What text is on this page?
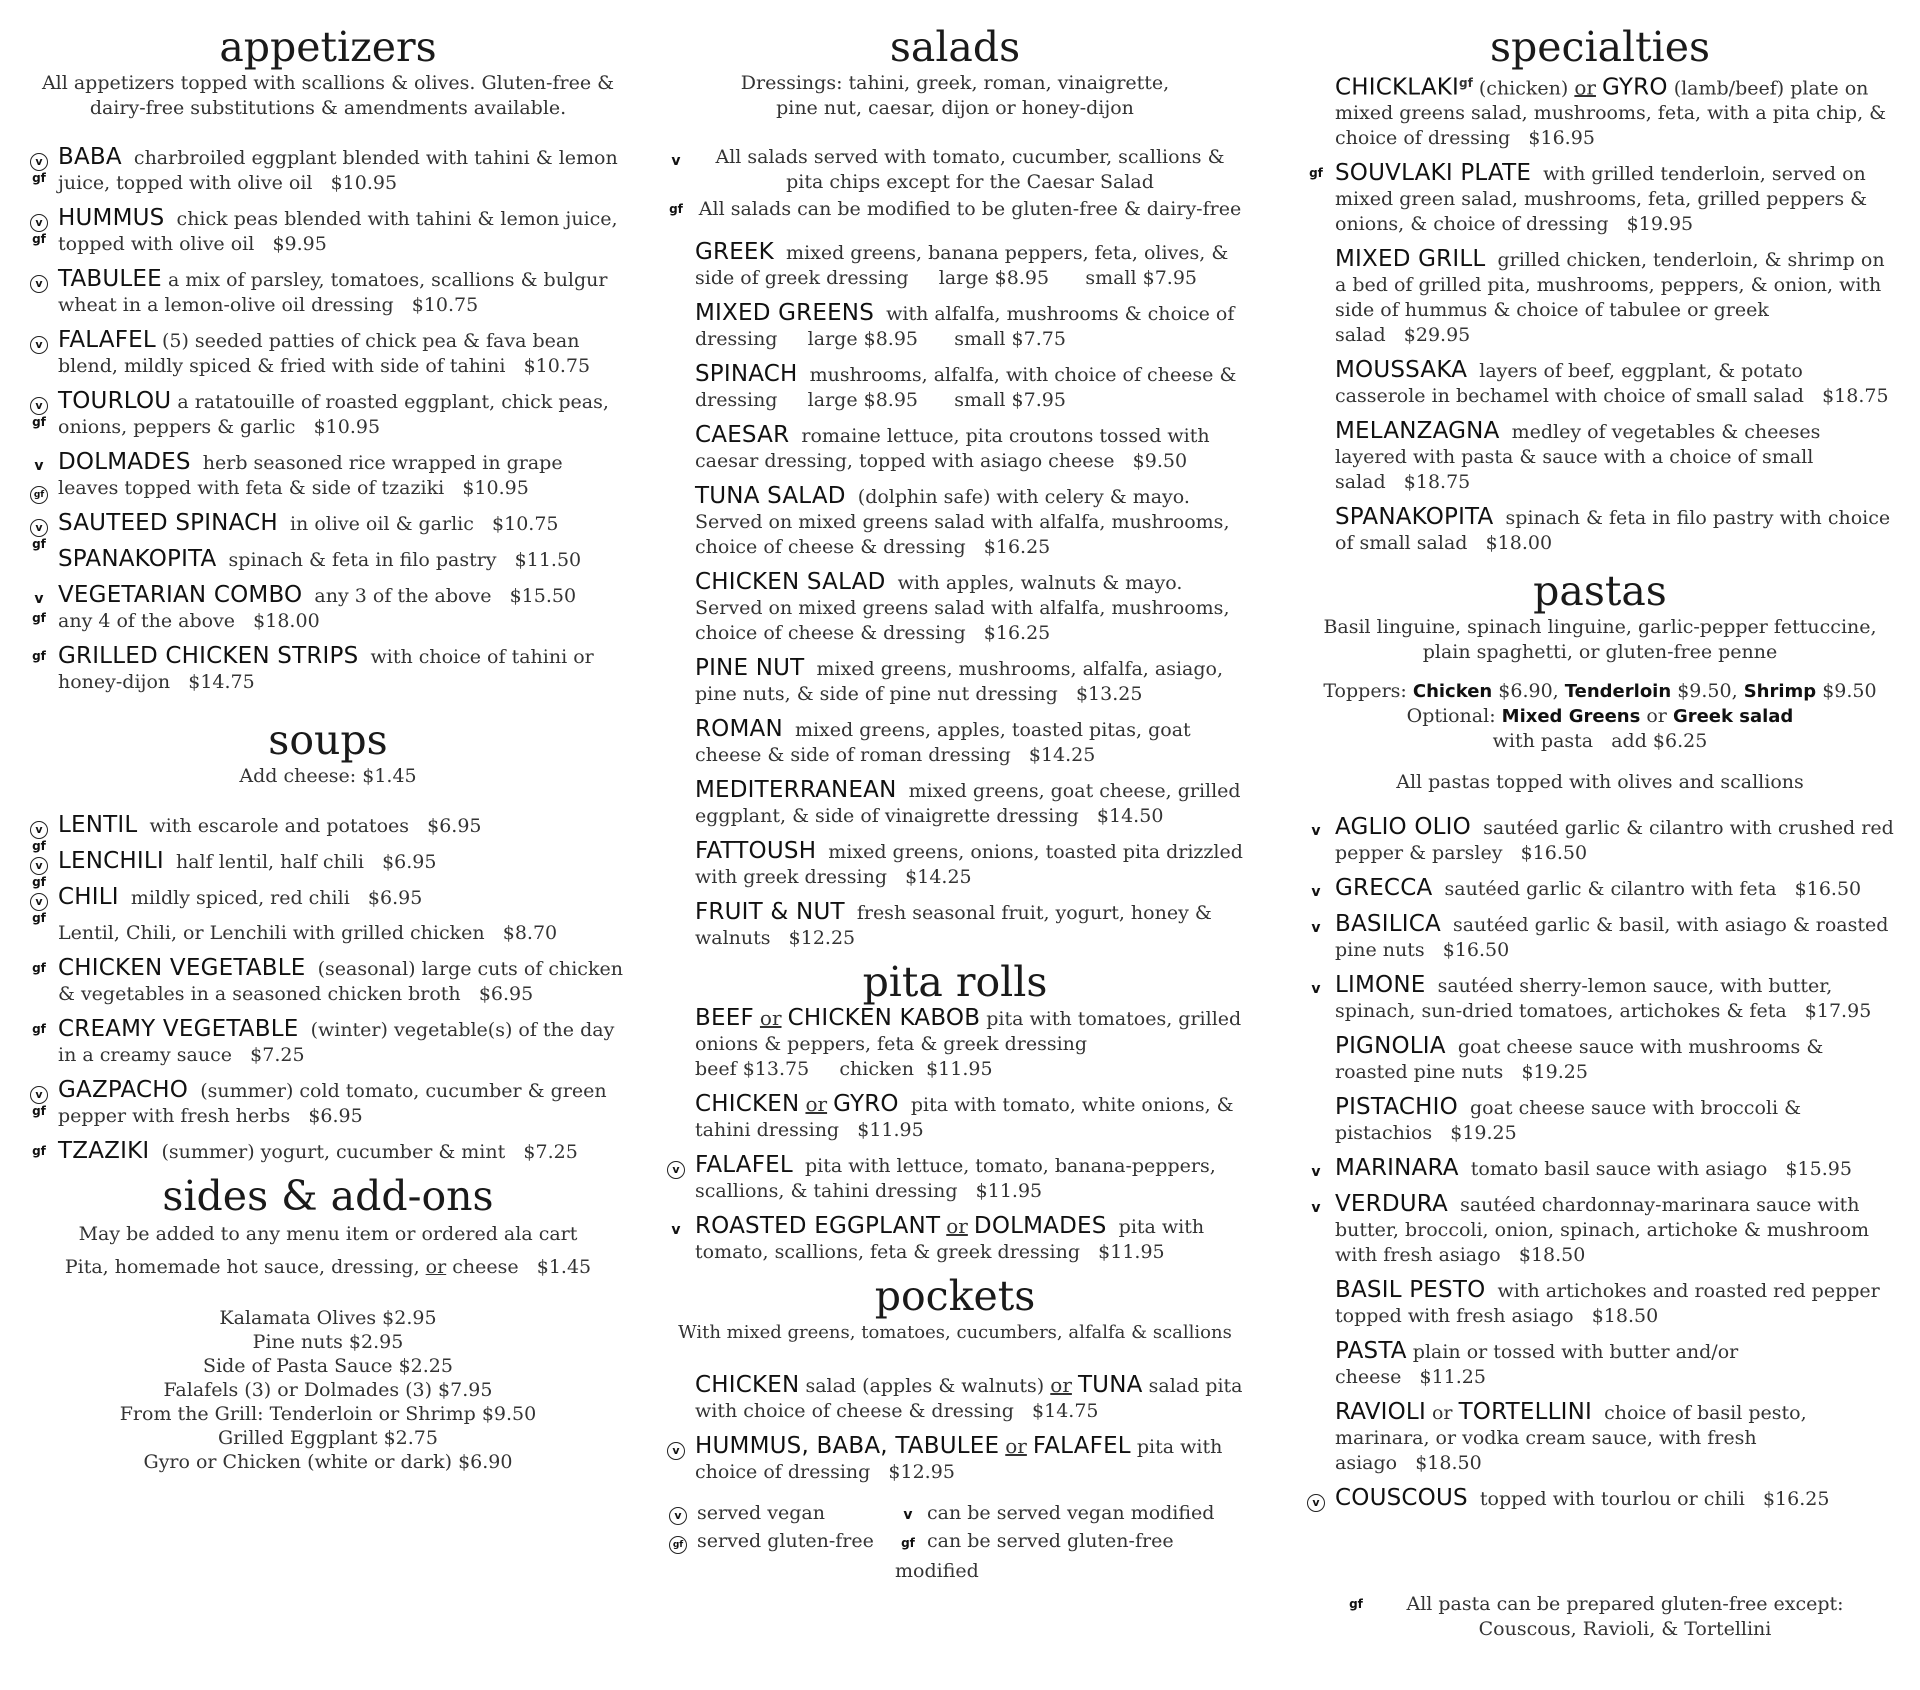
appetizers

All appetizers topped with scallions & olives. Gluten-free &

dairy-free substitutions & amendments available.

v
gf
BABA charbroiled eggplant blended with tahini & lemon juice, topped with olive oil $10.95
v
gf
HUMMUS chick peas blended with tahini & lemon juice, topped with olive oil $9.95
v TABULEE a mix of parsley, tomatoes, scallions & bulgur wheat in a lemon-olive oil dressing $10.75
v FALAFEL (5) seeded patties of chick pea & fava bean blend, mildly spiced & fried with side of tahini $10.75
v
gf
TOURLOU a ratatouille of roasted eggplant, chick peas, onions, peppers & garlic $10.95
v
gf
DOLMADES herb seasoned rice wrapped in grape leaves topped with feta & side of tzaziki $10.95
v
gf
SAUTEED SPINACH in olive oil & garlic $10.75
SPANAKOPITA spinach & feta in filo pastry $11.50
v
gf
VEGETARIAN COMBO any 3 of the above $15.50
any 4 of the above $18.00
gf GRILLED CHICKEN STRIPS with choice of tahini or honey-dijon $14.75
soups

Add cheese: $1.45

v
gf
LENTIL with escarole and potatoes $6.95
v
gf
LENCHILI half lentil, half chili $6.95
v
gf
CHILI mildly spiced, red chili $6.95

Lentil, Chili, or Lenchili with grilled chicken $8.70

gf CHICKEN VEGETABLE (seasonal) large cuts of chicken & vegetables in a seasoned chicken broth $6.95
gf CREAMY VEGETABLE (winter) vegetable(s) of the day in a creamy sauce $7.25
v
gf
GAZPACHO (summer) cold tomato, cucumber & green pepper with fresh herbs $6.95
gf TZAZIKI (summer) yogurt, cucumber & mint $7.25
sides & add-ons

May be added to any menu item or ordered ala cart

Pita, homemade hot sauce, dressing, or cheese $1.45

Kalamata Olives $2.95

Pine nuts $2.95

Side of Pasta Sauce $2.25

Falafels (3) or Dolmades (3) $7.95

From the Grill: Tenderloin or Shrimp $9.50

Grilled Eggplant $2.75

Gyro or Chicken (white or dark) $6.90

salads

Dressings: tahini, greek, roman, vinaigrette,

pine nut, caesar, dijon or honey-dijon

v	All salads served with tomato, cucumber, scallions & pita chips except for the Caesar Salad
gf All salads can be modified to be gluten-free & dairy-free
GREEK mixed greens, banana peppers, feta, olives, & side of greek dressing large $8.95      small $7.95
MIXED GREENS with alfalfa, mushrooms & choice of dressing large $8.95      small $7.75
SPINACH mushrooms, alfalfa, with choice of cheese & dressing large $8.95      small $7.95
CAESAR romaine lettuce, pita croutons tossed with caesar dressing, topped with asiago cheese $9.50
TUNA SALAD (dolphin safe) with celery & mayo. Served on mixed greens salad with alfalfa, mushrooms, choice of cheese & dressing $16.25
CHICKEN SALAD with apples, walnuts & mayo. Served on mixed greens salad with alfalfa, mushrooms, choice of cheese & dressing $16.25
PINE NUT mixed greens, mushrooms, alfalfa, asiago, pine nuts, & side of pine nut dressing $13.25
ROMAN mixed greens, apples, toasted pitas, goat cheese & side of roman dressing $14.25
MEDITERRANEAN mixed greens, goat cheese, grilled eggplant, & side of vinaigrette dressing $14.50
FATTOUSH mixed greens, onions, toasted pita drizzled with greek dressing $14.25
FRUIT & NUT fresh seasonal fruit, yogurt, honey & walnuts $12.25
pita rolls
BEEF or CHICKEN KABOB pita with tomatoes, grilled onions & peppers, feta & greek dressing
beef $13.75     chicken  $11.95
CHICKEN or GYRO pita with tomato, white onions, & tahini dressing $11.95
v FALAFEL pita with lettuce, tomato, banana-peppers, scallions, & tahini dressing $11.95
v ROASTED EGGPLANT or DOLMADES pita with tomato, scallions, feta & greek dressing $11.95
pockets

With mixed greens, tomatoes, cucumbers, alfalfa & scallions

CHICKEN salad (apples & walnuts) or TUNA salad pita with choice of cheese & dressing $14.75
v HUMMUS, BABA, TABULEE or FALAFEL pita with choice of dressing $12.95
v served vegan
gf served gluten-free
v can be served vegan modified
gf can be served gluten-free modified
specialties
$CHICKLAKI^{gf}$ (chicken) or GYRO (lamb/beef) plate on mixed greens salad, mushrooms, feta, with a pita chip, & choice of dressing $16.95
gf SOUVLAKI PLATE with grilled tenderloin, served on mixed green salad, mushrooms, feta, grilled peppers & onions, & choice of dressing $19.95
MIXED GRILL grilled chicken, tenderloin, & shrimp on a bed of grilled pita, mushrooms, peppers, & onion, with side of hummus & choice of tabulee or greek salad $29.95
MOUSSAKA layers of beef, eggplant, & potato casserole in bechamel with choice of small salad $18.75
MELANZAGNA medley of vegetables & cheeses layered with pasta & sauce with a choice of small salad $18.75
SPANAKOPITA spinach & feta in filo pastry with choice of small salad $18.00
pastas

Basil linguine, spinach linguine, garlic-pepper fettuccine,

plain spaghetti, or gluten-free penne

Toppers: Chicken $6.90, Tenderloin $9.50, Shrimp $9.50

Optional: Mixed Greens or Greek salad with pasta   add $6.25

All pastas topped with olives and scallions

v AGLIO OLIO sautéed garlic & cilantro with crushed red pepper & parsley $16.50
v GRECCA sautéed garlic & cilantro with feta $16.50
v BASILICA sautéed garlic & basil, with asiago & roasted pine nuts $16.50
v LIMONE sautéed sherry-lemon sauce, with butter, spinach, sun-dried tomatoes, artichokes & feta $17.95
PIGNOLIA goat cheese sauce with mushrooms & roasted pine nuts $19.25
PISTACHIO goat cheese sauce with broccoli & pistachios $19.25
v MARINARA tomato basil sauce with asiago $15.95
v VERDURA sautéed chardonnay-marinara sauce with butter, broccoli, onion, spinach, artichoke & mushroom with fresh asiago $18.50
BASIL PESTO with artichokes and roasted red pepper topped with fresh asiago $18.50
PASTA plain or tossed with butter and/or cheese $11.25
RAVIOLI or TORTELLINI choice of basil pesto, marinara, or vodka cream sauce, with fresh asiago $18.50
v COUSCOUS topped with tourlou or chili $16.25
gf All pasta can be prepared gluten-free except:
Couscous, Ravioli, & Tortellini
